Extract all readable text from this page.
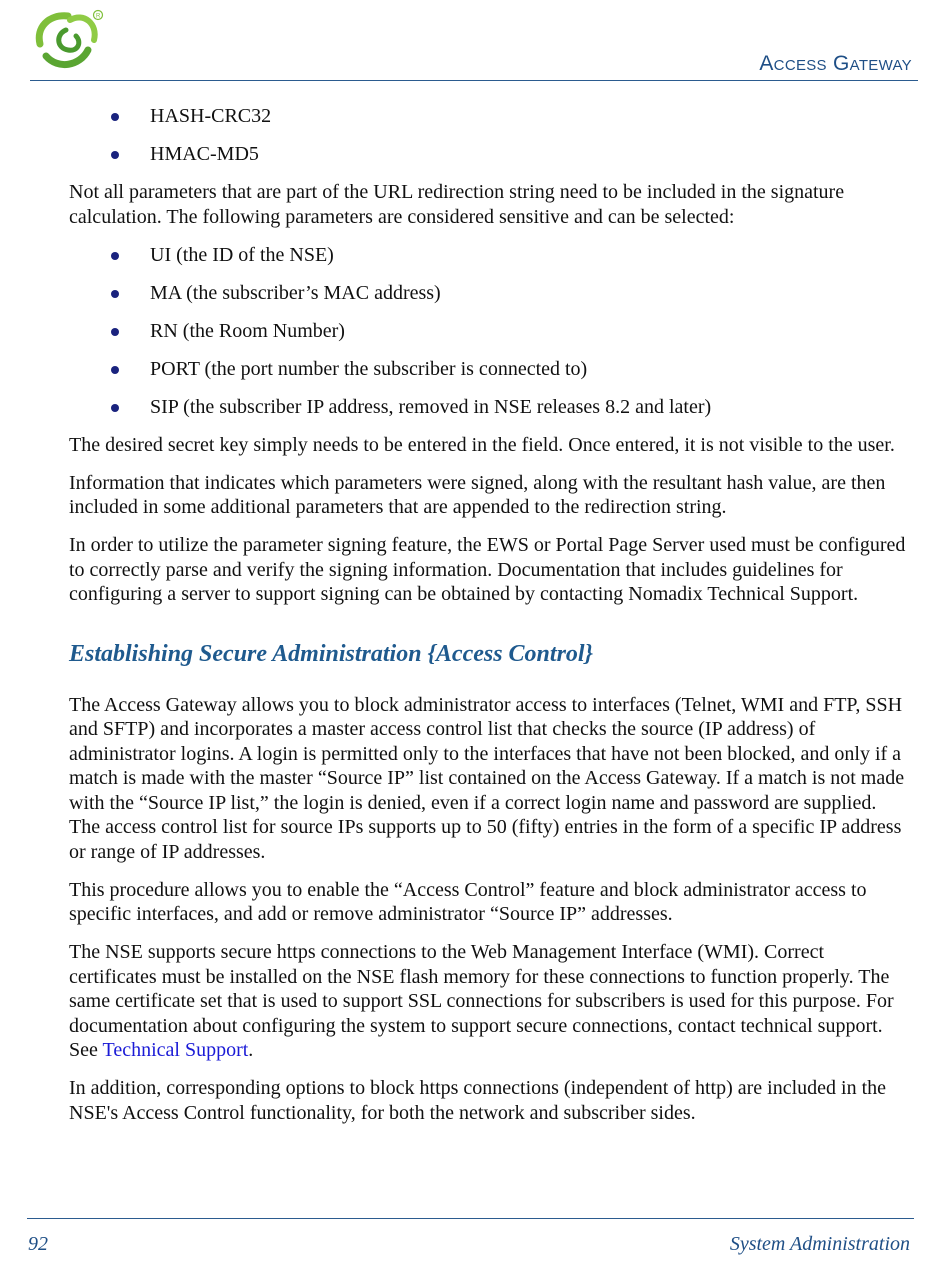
R
Access Gateway
HASH-CRC32
HMAC-MD5

Not all parameters that are part of the URL redirection string need to be included in the signature calculation. The following parameters are considered sensitive and can be selected:

UI (the ID of the NSE)
MA (the subscriber’s MAC address)
RN (the Room Number)
PORT (the port number the subscriber is connected to)
SIP (the subscriber IP address, removed in NSE releases 8.2 and later)

The desired secret key simply needs to be entered in the field. Once entered, it is not visible to the user.

Information that indicates which parameters were signed, along with the resultant hash value, are then included in some additional parameters that are appended to the redirection string.

In order to utilize the parameter signing feature, the EWS or Portal Page Server used must be configured to correctly parse and verify the signing information. Documentation that includes guidelines for configuring a server to support signing can be obtained by contacting Nomadix Technical Support.

Establishing Secure Administration {Access Control}

The Access Gateway allows you to block administrator access to interfaces (Telnet, WMI and FTP, SSH and SFTP) and incorporates a master access control list that checks the source (IP address) of administrator logins. A login is permitted only to the interfaces that have not been blocked, and only if a match is made with the master “Source IP” list contained on the Access Gateway. If a match is not made with the “Source IP list,” the login is denied, even if a correct login name and password are supplied. The access control list for source IPs supports up to 50 (fifty) entries in the form of a specific IP address or range of IP addresses.

This procedure allows you to enable the “Access Control” feature and block administrator access to specific interfaces, and add or remove administrator “Source IP” addresses.

The NSE supports secure https connections to the Web Management Interface (WMI). Correct certificates must be installed on the NSE flash memory for these connections to function properly. The same certificate set that is used to support SSL connections for subscribers is used for this purpose. For documentation about configuring the system to support secure connections, contact technical support. See Technical Support.

In addition, corresponding options to block https connections (independent of http) are included in the NSE's Access Control functionality, for both the network and subscriber sides.

92	System Administration
